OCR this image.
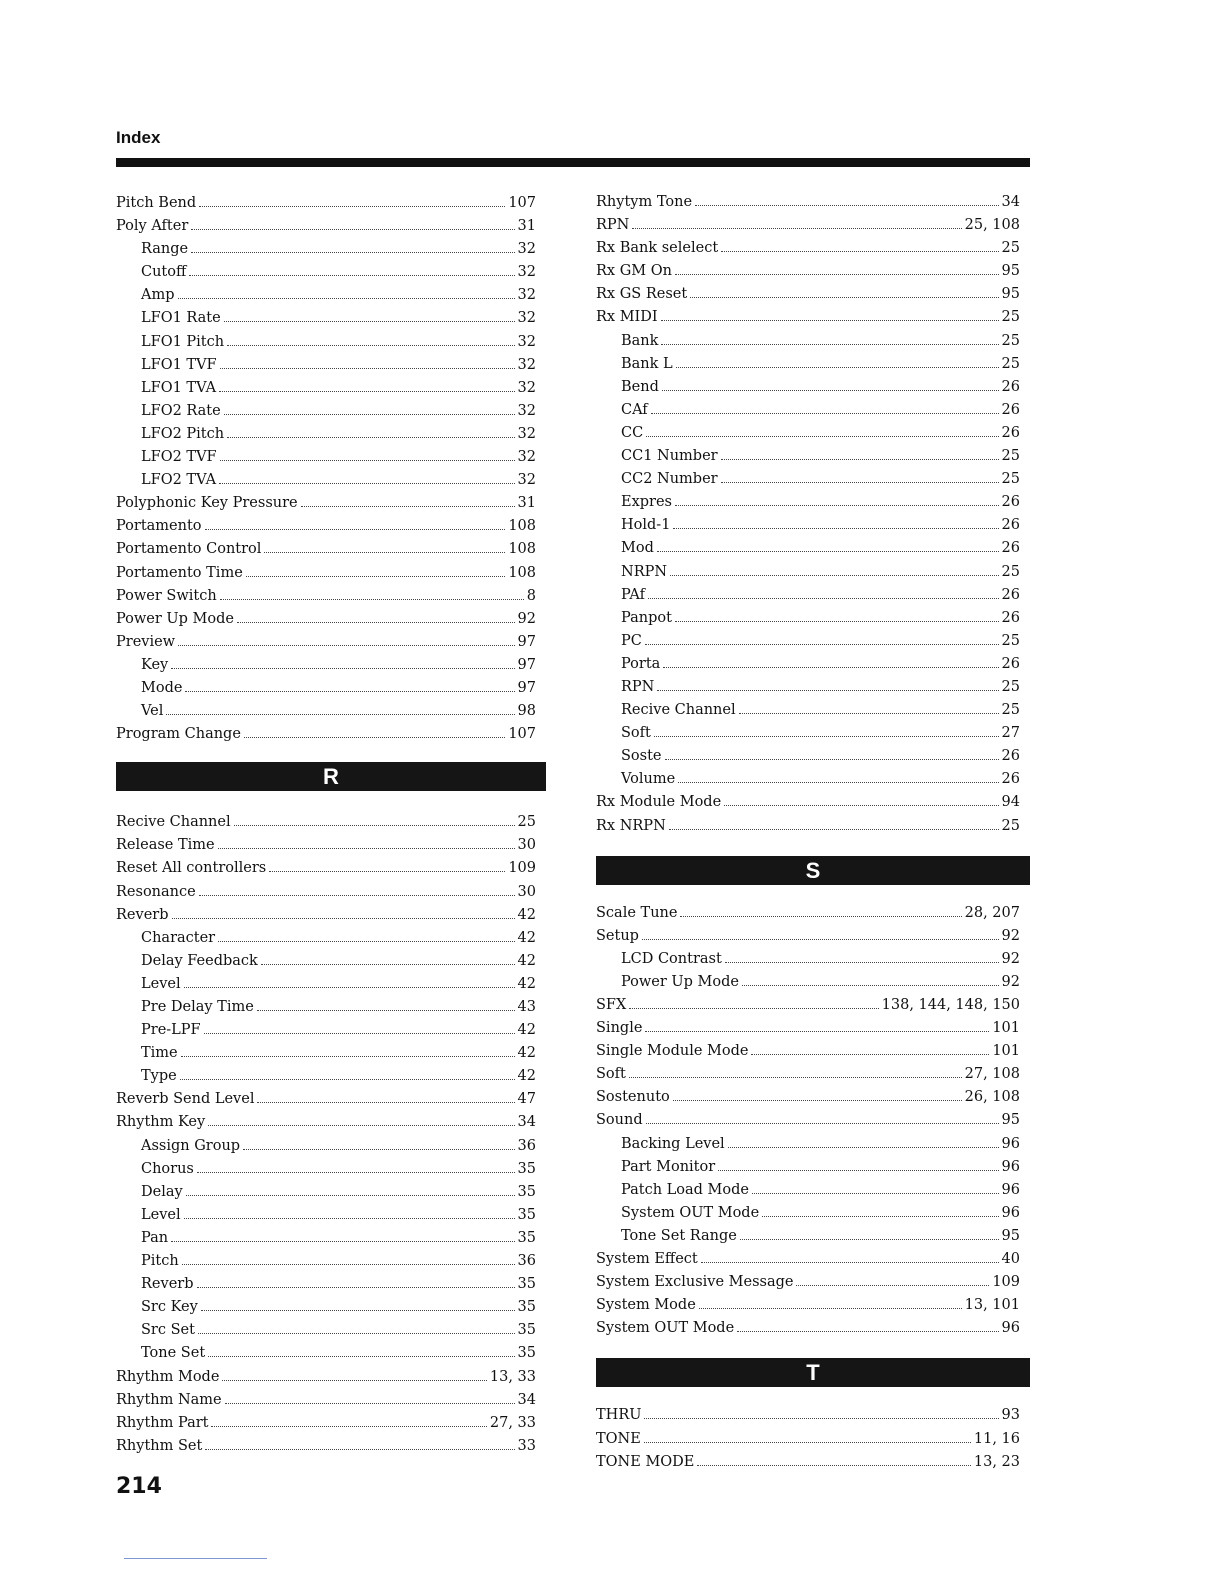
Index
Pitch Bend	107
Poly After	31
Range	32
Cutoff	32
Amp	32
LFO1 Rate	32
LFO1 Pitch	32
LFO1 TVF	32
LFO1 TVA	32
LFO2 Rate	32
LFO2 Pitch	32
LFO2 TVF	32
LFO2 TVA	32
Polyphonic Key Pressure	31
Portamento	108
Portamento Control	108
Portamento Time	108
Power Switch	8
Power Up Mode	92
Preview	97
Key	97
Mode	97
Vel	98
Program Change	107
R
Recive Channel	25
Release Time	30
Reset All controllers	109
Resonance	30
Reverb	42
Character	42
Delay Feedback	42
Level	42
Pre Delay Time	43
Pre-LPF	42
Time	42
Type	42
Reverb Send Level	47
Rhythm Key	34
Assign Group	36
Chorus	35
Delay	35
Level	35
Pan	35
Pitch	36
Reverb	35
Src Key	35
Src Set	35
Tone Set	35
Rhythm Mode	13, 33
Rhythm Name	34
Rhythm Part	27, 33
Rhythm Set	33
Rhytym Tone	34
RPN	25, 108
Rx Bank selelect	25
Rx GM On	95
Rx GS Reset	95
Rx MIDI	25
Bank	25
Bank L	25
Bend	26
CAf	26
CC	26
CC1 Number	25
CC2 Number	25
Expres	26
Hold-1	26
Mod	26
NRPN	25
PAf	26
Panpot	26
PC	25
Porta	26
RPN	25
Recive Channel	25
Soft	27
Soste	26
Volume	26
Rx Module Mode	94
Rx NRPN	25
S
Scale Tune	28, 207
Setup	92
LCD Contrast	92
Power Up Mode	92
SFX	138, 144, 148, 150
Single	101
Single Module Mode	101
Soft	27, 108
Sostenuto	26, 108
Sound	95
Backing Level	96
Part Monitor	96
Patch Load Mode	96
System OUT Mode	96
Tone Set Range	95
System Effect	40
System Exclusive Message	109
System Mode	13, 101
System OUT Mode	96
T
THRU	93
TONE	11, 16
TONE MODE	13, 23
214
